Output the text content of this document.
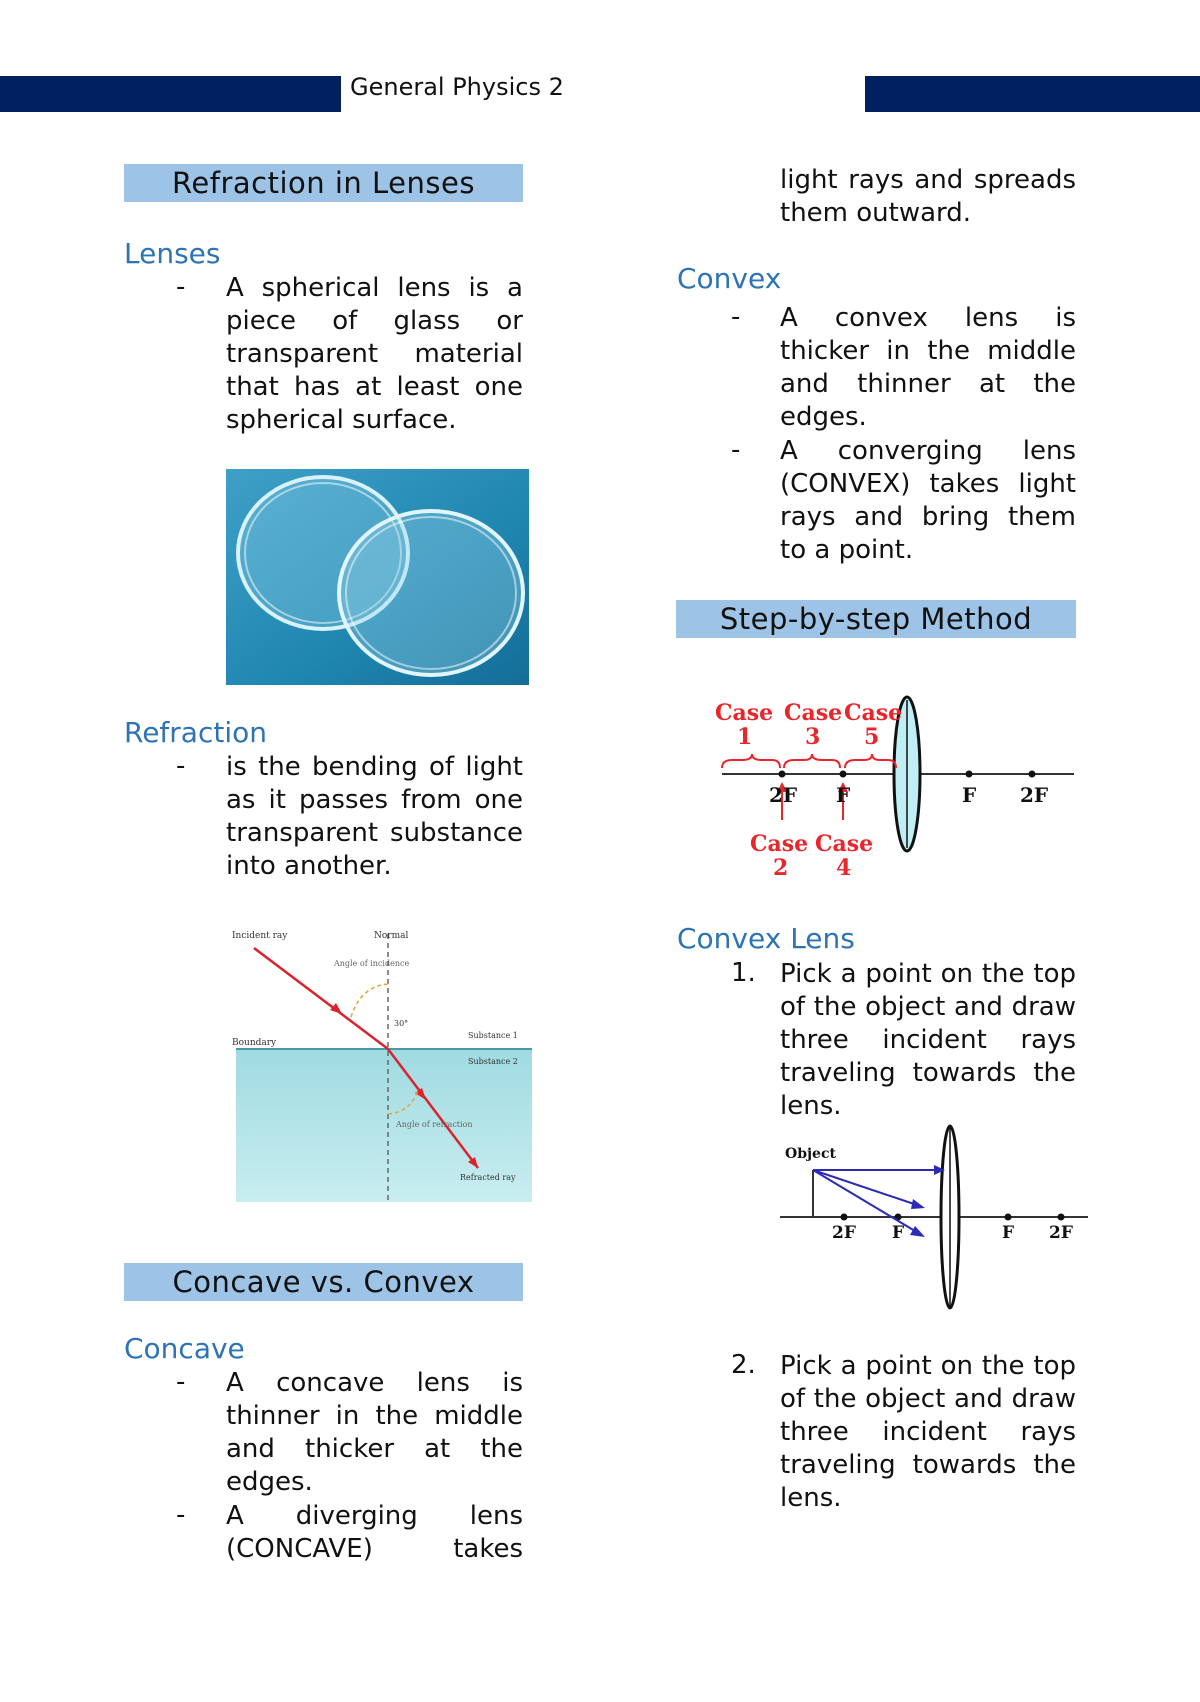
General Physics 2
Refraction in Lenses
Lenses
- A spherical lens is a piece of glass or transparent material that has at least one spherical surface.
Refraction
- is the bending of light as it passes from one transparent substance into another.
Incident ray	Normal
Angle of incidence
30°
Boundary
Substance 1
Substance 2
Angle of refraction
Refracted ray
Concave vs. Convex
Concave
- A concave lens is thinner in the middle and thicker at the edges.
- A diverging lens (CONCAVE) takes
light rays and spreads them outward.
Convex
- A convex lens is thicker in the middle and thinner at the edges.
- A converging lens (CONVEX) takes light rays and bring them to a point.
Step-by-step Method
Case
1
Case
3
Case
5
Case
2
Case
4
2F F	F 2F
Convex Lens
1. Pick a point on the top of the object and draw three incident rays traveling towards the lens.
Object
2F F	F 2F
2. Pick a point on the top of the object and draw three incident rays traveling towards the lens.
